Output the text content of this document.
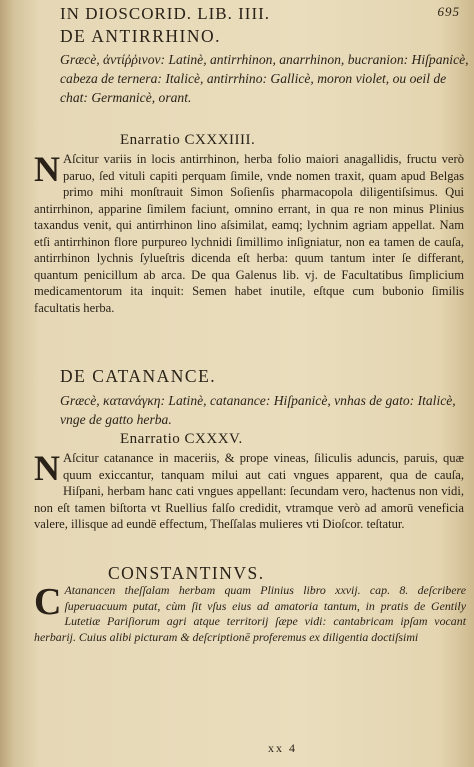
IN DIOSCORID. LIB. IIII.	695
DE ANTIRRHINO.
Græcè, ἀντίῤῥινον: Latinè, antirrhinon, anarrhinon, bucranion: Hiſpanicè, cabeza de ternera: Italicè, antirrhino: Gallicè, moron violet, ou oeil de chat: Germanicè, orant.
Enarratio CXXXIIII.
N Aſcitur variis in locis antirrhinon, herba folio maiori anagallidis, fructu verò paruo, ſed vituli capiti perquam ſimile, vnde nomen traxit, quam apud Belgas primo mihi monſtrauit Simon Soſienſis pharmacopola diligentiſsimus. Qui antirrhinon, apparine ſimilem faciunt, omnino errant, in qua re non minus Plinius taxandus venit, qui antirrhinon lino aſsimilat, eamq; lychnim agriam appellat. Nam etſi antirrhinon flore purpureo lychnidi ſimillimo inſigniatur, non ea tamen de cauſa, antirrhinon lychnis ſylueſtris dicenda eſt herba: quum tantum inter ſe differant, quantum penicillum ab arca. De qua Galenus lib. vj. de Facultatibus ſimplicium medicamentorum ita inquit: Semen habet inutile, eſtque cum bubonio ſimilis facultatis herba.
DE CATANANCE.
Græcè, κατανάγκη: Latinè, catanance: Hiſpanicè, vnhas de gato: Italicè, vnge de gatto herba.
Enarratio CXXXV.
N Aſcitur catanance in maceriis, & prope vineas, ſiliculis aduncis, paruis, quæ quum exiccantur, tanquam milui aut cati vngues apparent, qua de cauſa, Hiſpani, herbam hanc cati vngues appellant: ſecundam vero, haƈtenus non vidi, non eſt tamen biſtorta vt Ruellius falſo credidit, vtramque verò ad amorū veneficia valere, illisque ad eundē effectum, Theſſalas mulieres vti Dioſcor. teſtatur.
CONSTANTINVS.
C Atanancen theſſalam herbam quam Plinius libro xxvij. cap. 8. deſcribere ſuperuacuum putat, cùm ſit vſus eius ad amatoria tantum, in pratis de Gentily Lutetiæ Pariſiorum agri atque territorij ſæpe vidi: cantabricam ipſam vocant herbarij. Cuius alibi picturam & deſcriptionē proferemus ex diligentia doctiſsimi
xx 4
